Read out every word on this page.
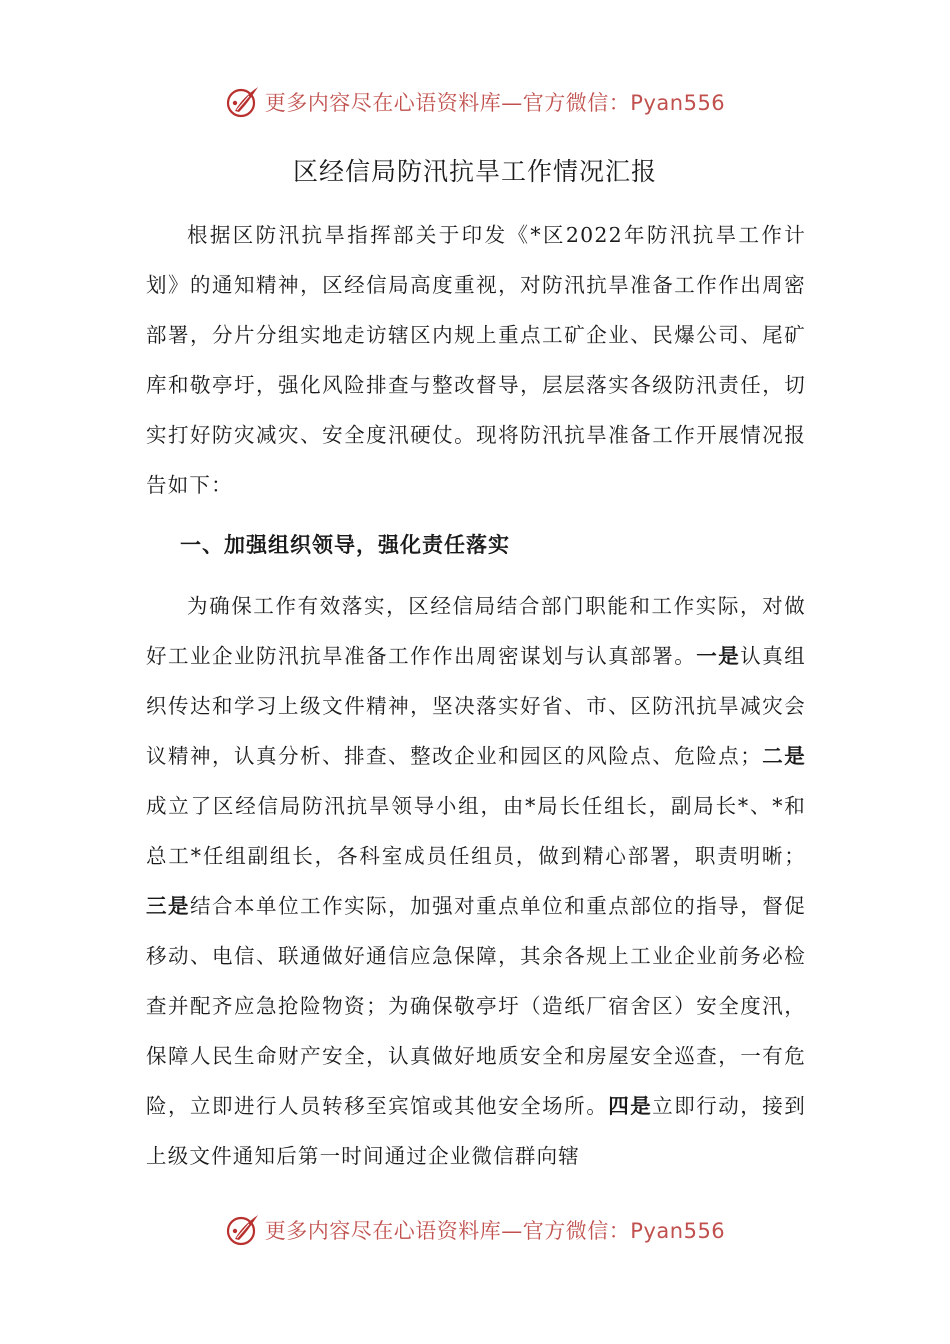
更多内容尽在心语资料库—官方微信：Pyan556
区经信局防汛抗旱工作情况汇报

根据区防汛抗旱指挥部关于印发《*区2022年防汛抗旱工作计划》的通知精神，区经信局高度重视，对防汛抗旱准备工作作出周密部署，分片分组实地走访辖区内规上重点工矿企业、民爆公司、尾矿库和敬亭圩，强化风险排查与整改督导，层层落实各级防汛责任，切实打好防灾减灾、安全度汛硬仗。现将防汛抗旱准备工作开展情况报告如下：

一、加强组织领导，强化责任落实

为确保工作有效落实，区经信局结合部门职能和工作实际，对做好工业企业防汛抗旱准备工作作出周密谋划与认真部署。一是认真组织传达和学习上级文件精神，坚决落实好省、市、区防汛抗旱减灾会议精神，认真分析、排查、整改企业和园区的风险点、危险点；二是成立了区经信局防汛抗旱领导小组，由*局长任组长，副局长*、*和总工*任组副组长，各科室成员任组员，做到精心部署，职责明晰；三是结合本单位工作实际，加强对重点单位和重点部位的指导，督促移动、电信、联通做好通信应急保障，其余各规上工业企业前务必检查并配齐应急抢险物资；为确保敬亭圩（造纸厂宿舍区）安全度汛，保障人民生命财产安全，认真做好地质安全和房屋安全巡查，一有危险，立即进行人员转移至宾馆或其他安全场所。四是立即行动，接到上级文件通知后第一时间通过企业微信群向辖

更多内容尽在心语资料库—官方微信：Pyan556
